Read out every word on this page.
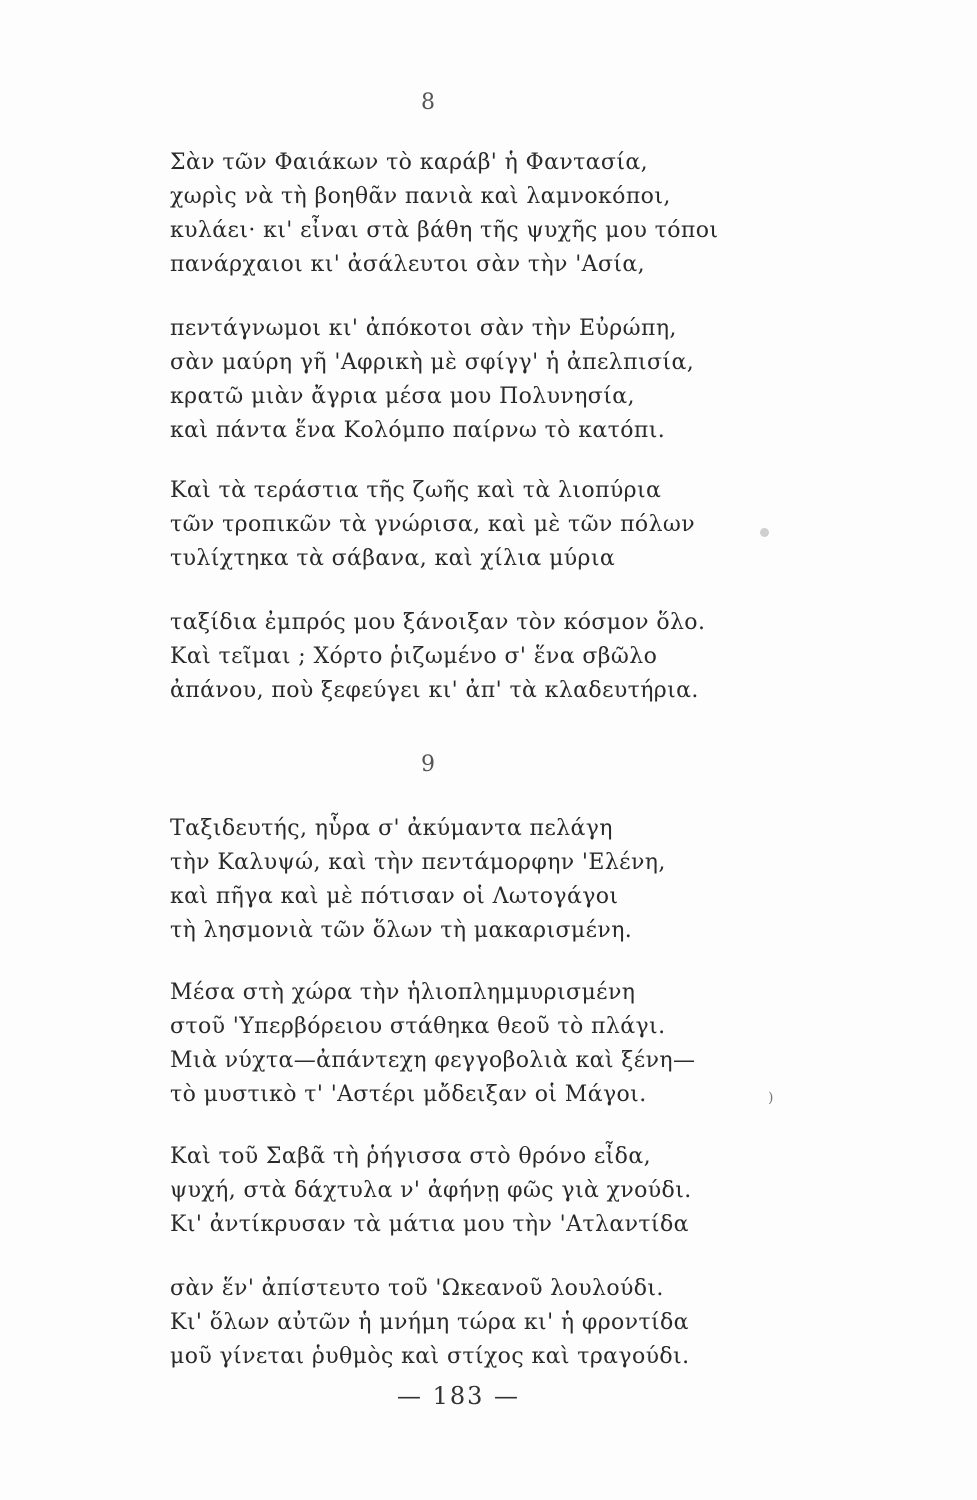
8
Σὰν τῶν Φαιάκων τὸ καράβ' ἡ Φαντασία,
χωρὶς νὰ τὴ βοηθᾶν πανιὰ καὶ λαμνοκόποι,
κυλάει· κι' εἶναι στὰ βάθη τῆς ψυχῆς μου τόποι
πανάρχαιοι κι' ἀσάλευτοι σὰν τὴν 'Ασία,
πεντάγνωμοι κι' ἀπόκοτοι σὰν τὴν Εὐρώπη,
σὰν μαύρη γῆ 'Αφρικὴ μὲ σφίγγ' ἡ ἀπελπισία,
κρατῶ μιὰν ἄγρια μέσα μου Πολυνησία,
καὶ πάντα ἕνα Κολόμπο παίρνω τὸ κατόπι.
Καὶ τὰ τεράστια τῆς ζωῆς καὶ τὰ λιοπύρια
τῶν τροπικῶν τὰ γνώρισα, καὶ μὲ τῶν πόλων
τυλίχτηκα τὰ σάβανα, καὶ χίλια μύρια
ταξίδια ἐμπρός μου ξάνοιξαν τὸν κόσμον ὅλο.
Καὶ τεῖμαι ; Χόρτο ῥιζωμένο σ' ἕνα σβῶλο
ἀπάνου, ποὺ ξεφεύγει κι' ἀπ' τὰ κλαδευτήρια.
9
Ταξιδευτής, ηὗρα σ' ἀκύμαντα πελάγη
τὴν Καλυψώ, καὶ τὴν πεντάμορφην 'Ελένη,
καὶ πῆγα καὶ μὲ πότισαν οἱ Λωτογάγοι
τὴ λησμονιὰ τῶν ὅλων τὴ μακαρισμένη.
Μέσα στὴ χώρα τὴν ἡλιοπλημμυρισμένη
στοῦ 'Υπερβόρειου στάθηκα θεοῦ τὸ πλάγι.
Μιὰ νύχτα—ἀπάντεχη φεγγοβολιὰ καὶ ξένη—
τὸ μυστικὸ τ' 'Αστέρι μὄδειξαν οἱ Μάγοι.
Καὶ τοῦ Σαβᾶ τὴ ῥήγισσα στὸ θρόνο εἶδα,
ψυχή, στὰ δάχτυλα ν' ἀφήνῃ φῶς γιὰ χνούδι.
Κι' ἀντίκρυσαν τὰ μάτια μου τὴν 'Ατλαντίδα
σὰν ἕν' ἀπίστευτο τοῦ 'Ωκεανοῦ λουλούδι.
Κι' ὅλων αὐτῶν ἡ μνήμη τώρα κι' ἡ φροντίδα
μοῦ γίνεται ῥυθμὸς καὶ στίχος καὶ τραγούδι.
— 183 —
)
